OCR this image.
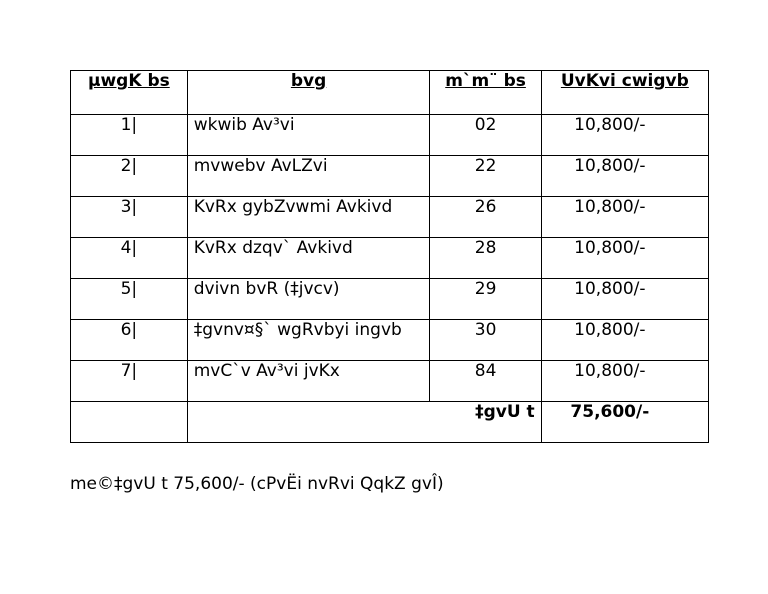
µwgK bs	bvg	m`m¨ bs	UvKvi cwigvb
1|	wkwib Av³vi	02	10,800/-
2|	mvwebv AvLZvi	22	10,800/-
3|	KvRx gybZvwmi Avkivd	26	10,800/-
4|	KvRx dzqv` Avkivd	28	10,800/-
5|	dvivn bvR (‡jvcv)	29	10,800/-
6|	‡gvnv¤§` wgRvbyi ingvb	30	10,800/-
7|	mvC`v Av³vi jvKx	84	10,800/-
	‡gvU t		75,600/-
me©‡gvU t 75,600/- (cPvËi nvRvi QqkZ gvÎ)
